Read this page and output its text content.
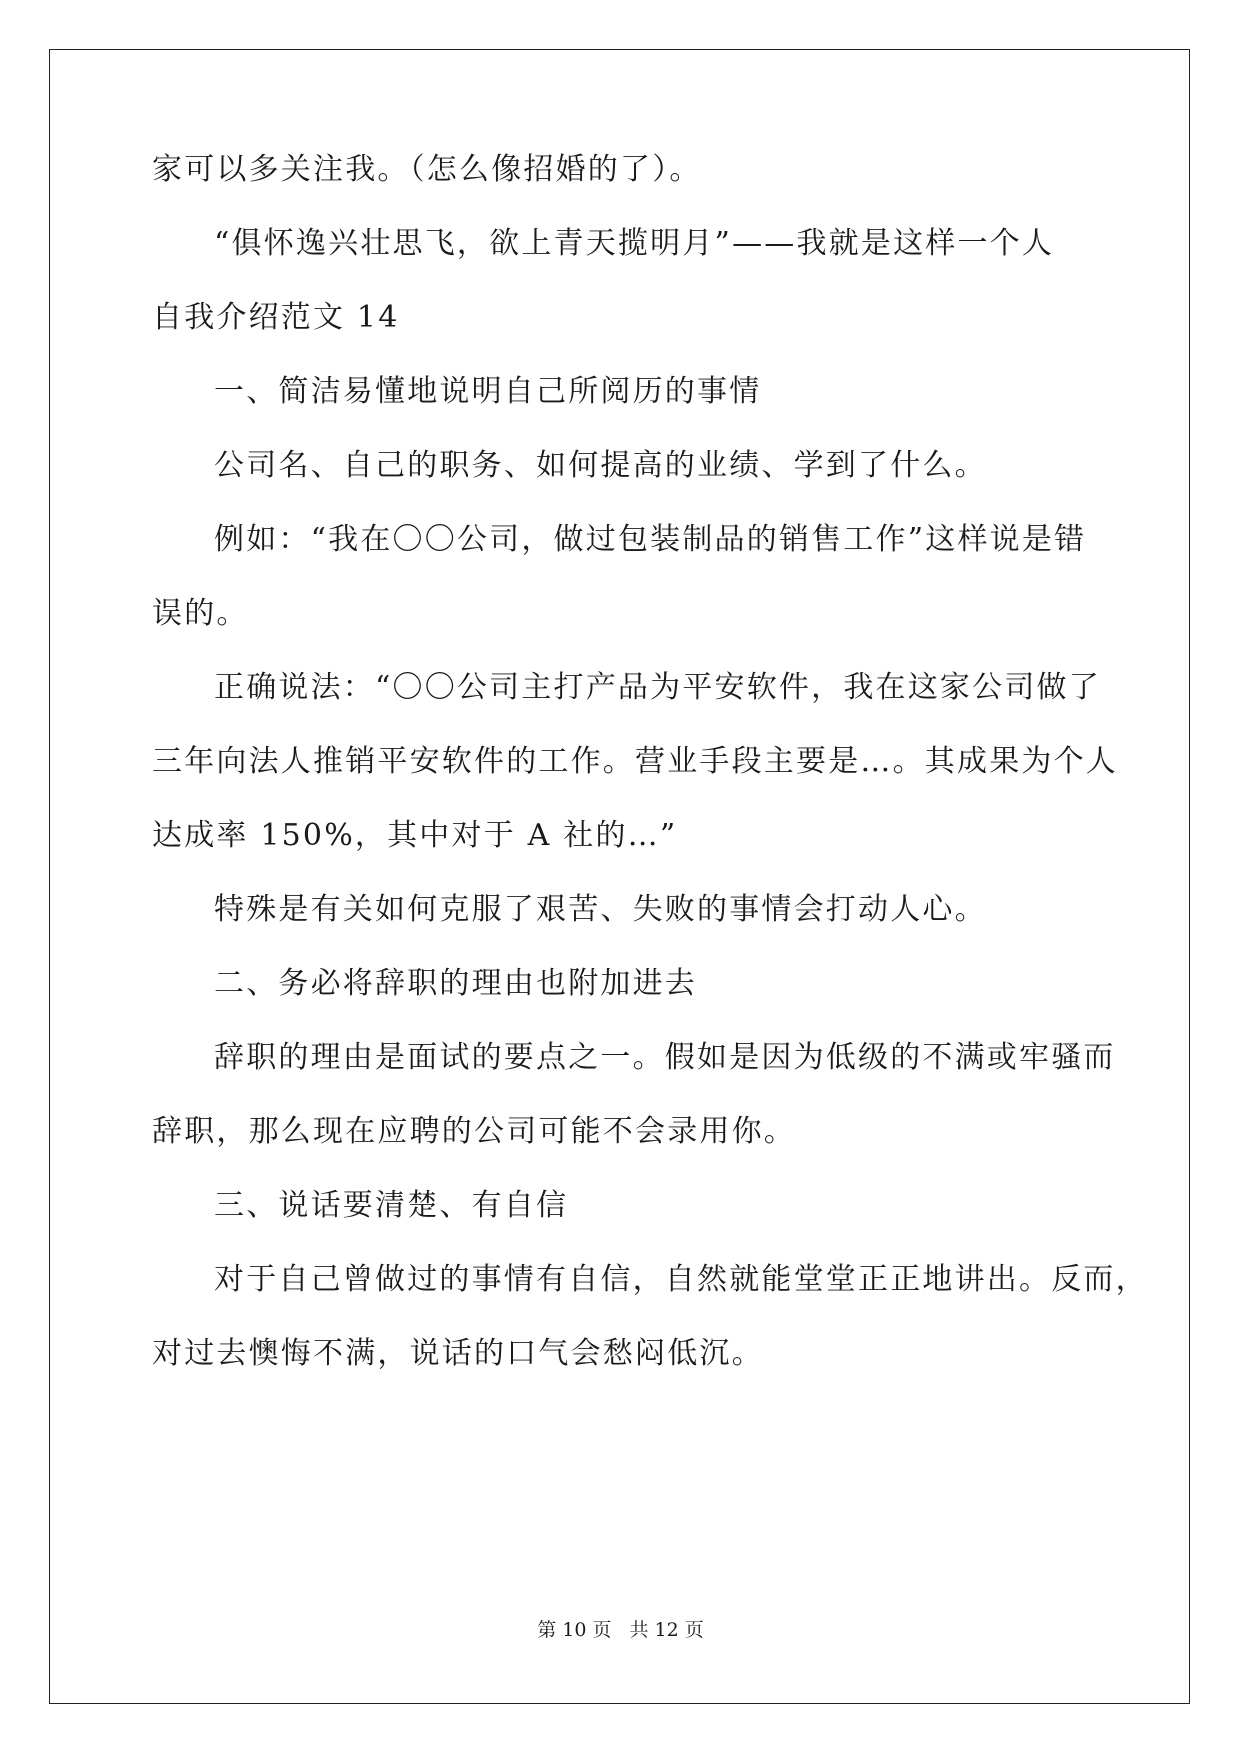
家可以多关注我。（怎么像招婚的了）。
“俱怀逸兴壮思飞，欲上青天揽明月”——我就是这样一个人
自我介绍范文 14
一、简洁易懂地说明自己所阅历的事情
公司名、自己的职务、如何提高的业绩、学到了什么。
例如：“我在〇〇公司，做过包装制品的销售工作”这样说是错
误的。
正确说法：“〇〇公司主打产品为平安软件，我在这家公司做了
三年向法人推销平安软件的工作。营业手段主要是…。其成果为个人
达成率 150%，其中对于 A 社的…”
特殊是有关如何克服了艰苦、失败的事情会打动人心。
二、务必将辞职的理由也附加进去
辞职的理由是面试的要点之一。假如是因为低级的不满或牢骚而
辞职，那么现在应聘的公司可能不会录用你。
三、说话要清楚、有自信
对于自己曾做过的事情有自信，自然就能堂堂正正地讲出。反而，
对过去懊悔不满，说话的口气会愁闷低沉。
第 10 页 共 12 页
